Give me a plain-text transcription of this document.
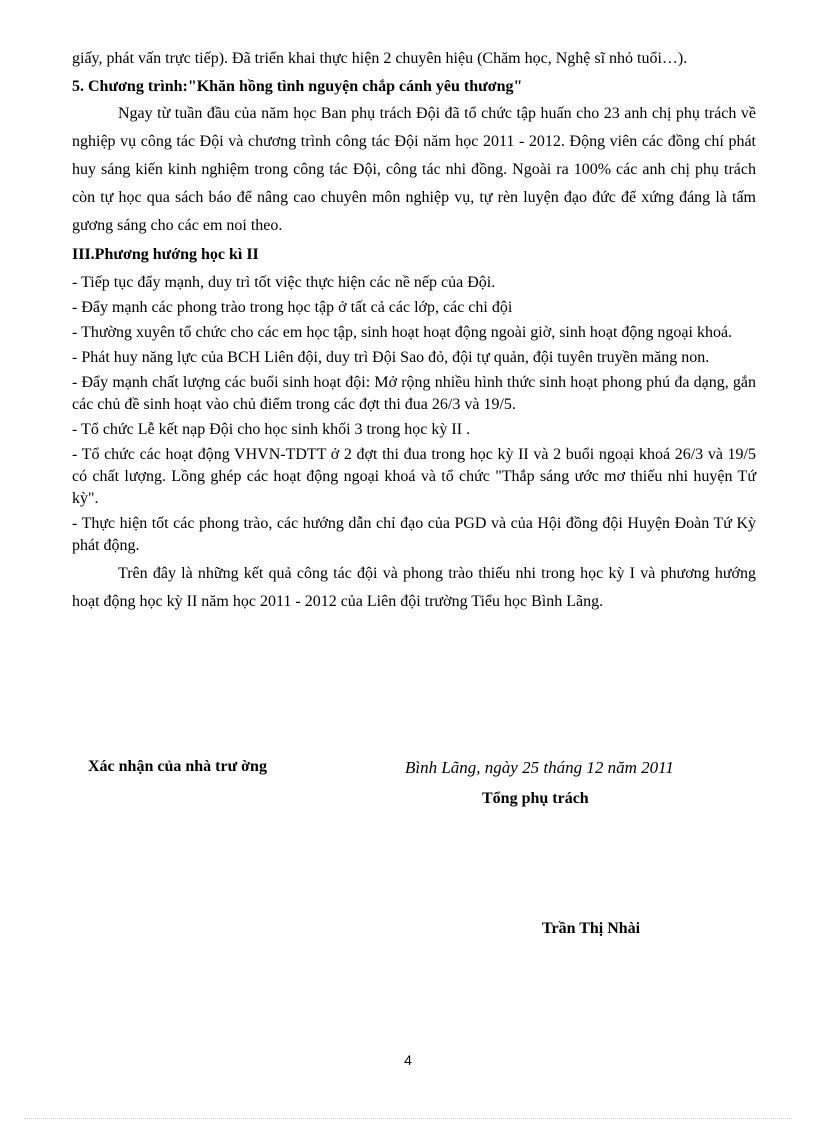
giấy, phát vấn trực tiếp). Đã triển khai thực hiện 2 chuyên hiệu (Chăm học, Nghệ sĩ nhỏ tuổi…).

5. Chương trình:"Khăn hồng tình nguyện chắp cánh yêu thương"

Ngay từ tuần đầu của năm học Ban phụ trách Đội đã tổ chức tập huấn cho 23 anh chị phụ trách về nghiệp vụ công tác Đội và chương trình công tác Đội năm học 2011 - 2012. Động viên các đồng chí phát huy sáng kiến kinh nghiệm trong công tác Đội, công tác nhi đồng. Ngoài ra 100% các anh chị phụ trách còn tự học qua sách báo để nâng cao chuyên môn nghiệp vụ, tự rèn luyện đạo đức để xứng đáng là tấm gương sáng cho các em noi theo.

III.Phương hướng học kì II

- Tiếp tục đẩy mạnh, duy trì tốt việc thực hiện các nề nếp của Đội.

- Đẩy mạnh các phong trào trong học tập ở tất cả các lớp, các chi đội

- Thường xuyên tổ chức cho các em học tập, sinh hoạt hoạt động ngoài giờ, sinh hoạt động ngoại khoá.

- Phát huy năng lực của BCH Liên đội, duy trì Đội Sao đỏ, đội tự quản, đội tuyên truyền măng non.

- Đẩy mạnh chất lượng các buổi sinh hoạt đội: Mở rộng nhiều hình thức sinh hoạt phong phú đa dạng, gắn các chủ đề sinh hoạt vào chủ điểm trong các đợt thi đua 26/3 và 19/5.

- Tổ chức Lễ kết nạp Đội cho học sinh khối 3 trong học kỳ II .

- Tổ chức các hoạt động VHVN-TDTT ở 2 đợt thi đua trong học kỳ II và 2 buổi ngoại khoá 26/3 và 19/5 có chất lượng. Lồng ghép các hoạt động ngoại khoá và tổ chức "Thắp sáng ước mơ thiếu nhi huyện Tứ kỳ".

- Thực hiện tốt các phong trào, các hướng dẫn chỉ đạo của PGD và của Hội đồng đội Huyện Đoàn Tứ Kỳ phát động.

Trên đây là những kết quả công tác đội và phong trào thiếu nhi trong học kỳ I và phương hướng hoạt động học kỳ II năm học 2011 - 2012 của Liên đội trường Tiểu học Bình Lãng.

Xác nhận của nhà trư ờng	Bình Lãng, ngày 25 tháng 12 năm 2011
Tổng phụ trách
Trần Thị Nhài
4
